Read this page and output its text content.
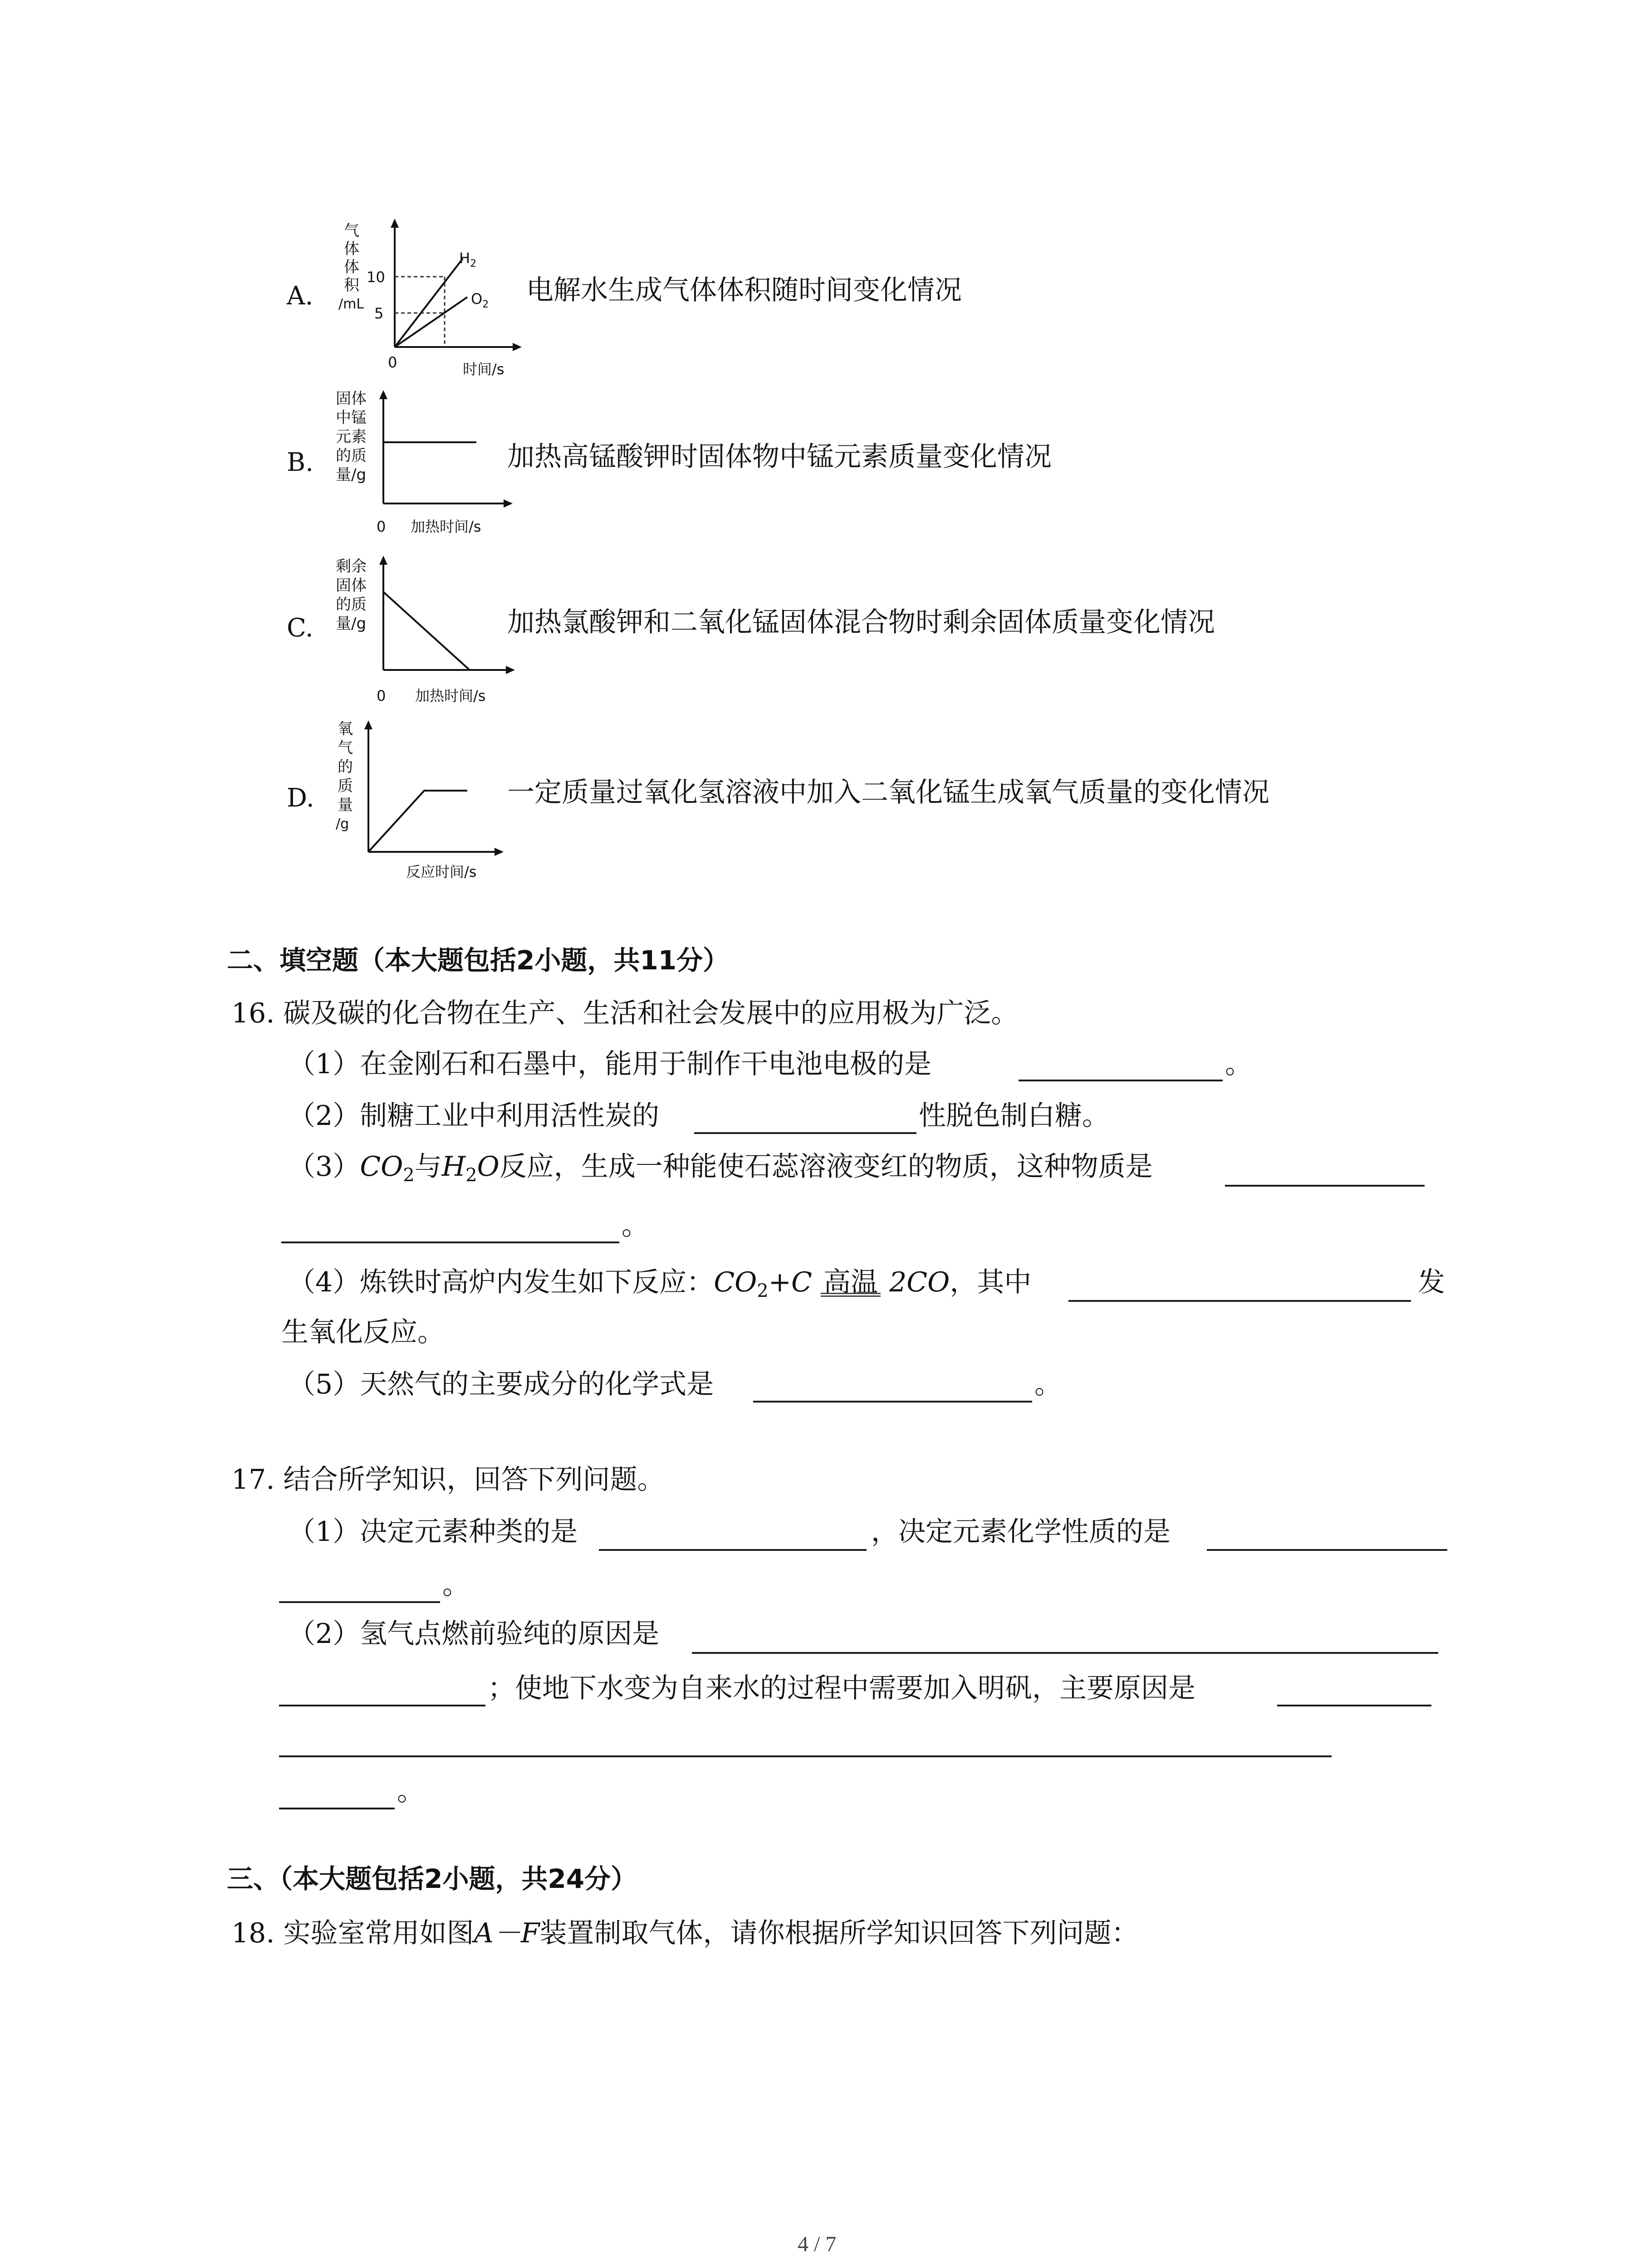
A.
气
体
体
积
/mL
10
5
0
$H_2$
$O_2$
时间/s
电解水生成气体体积随时间变化情况
B.
固体
中锰
元素
的质
量/g
0 加热时间/s
加热高锰酸钾时固体物中锰元素质量变化情况
C.
剩余
固体
的质
量/g
0 加热时间/s
加热氯酸钾和二氧化锰固体混合物时剩余固体质量变化情况
D.
氧
气
的
质
量
/g
反应时间/s
一定质量过氧化氢溶液中加入二氧化锰生成氧气质量的变化情况
二、填空题（本大题包括2小题，共11分）
16. 碳及碳的化合物在生产、生活和社会发展中的应用极为广泛。
（1）在金刚石和石墨中，能用于制作干电池电极的是	。
（2）制糖工业中利用活性炭的	性脱色制白糖。
$(3)CO_2$与$H_2O$反应，生成一种能使石蕊溶液变红的物质，这种物质是
。
（4）炼铁时高炉内发生如下反应：$CO_2+C$ 高温 2CO，其中	发
生氧化反应。
（5）天然气的主要成分的化学式是	。
17. 结合所学知识，回答下列问题。
（1）决定元素种类的是	，决定元素化学性质的是
。
（2）氢气点燃前验纯的原因是
；使地下水变为自来水的过程中需要加入明矾，主要原因是
。
三、（本大题包括2小题，共24分）
18. 实验室常用如图A－F装置制取气体，请你根据所学知识回答下列问题：
4 / 7
